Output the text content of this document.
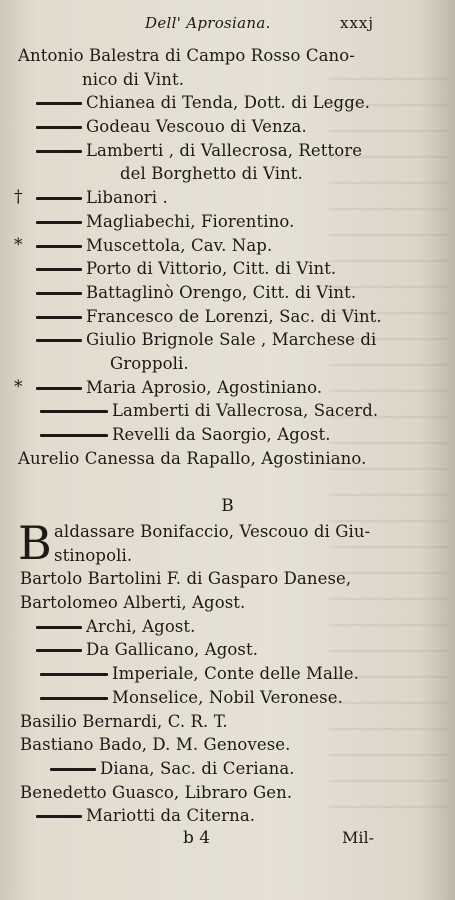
Dell' Aprosiana.	xxxj
Antonio Balestra di Campo Rosso Cano-
nico di Vint.
Chianea di Tenda, Dott. di Legge.
Godeau Vescouo di Venza.
Lamberti , di Vallecrosa, Rettore
del Borghetto di Vint.
†	Libanori .
Magliabechi, Fiorentino.
*	Muscettola, Cav. Nap.
Porto di Vittorio, Citt. di Vint.
Battaglinò Orengo, Citt. di Vint.
Francesco de Lorenzi, Sac. di Vint.
Giulio Brignole Sale , Marchese di
Groppoli.
*	Maria Aprosio, Agostiniano.
Lamberti di Vallecrosa, Sacerd.
Revelli da Saorgio, Agost.
Aurelio Canessa da Rapallo, Agostiniano.
B
B aldassare Bonifaccio, Vescouo di Giu-
stinopoli.
Bartolo Bartolini F. di Gasparo Danese,
Bartolomeo Alberti, Agost.
Archi, Agost.
Da Gallicano, Agost.
Imperiale, Conte delle Malle.
Monselice, Nobil Veronese.
Basilio Bernardi, C. R. T.
Bastiano Bado, D. M. Genovese.
Diana, Sac. di Ceriana.
Benedetto Guasco, Libraro Gen.
Mariotti da Citerna.
b 4	Mil-
